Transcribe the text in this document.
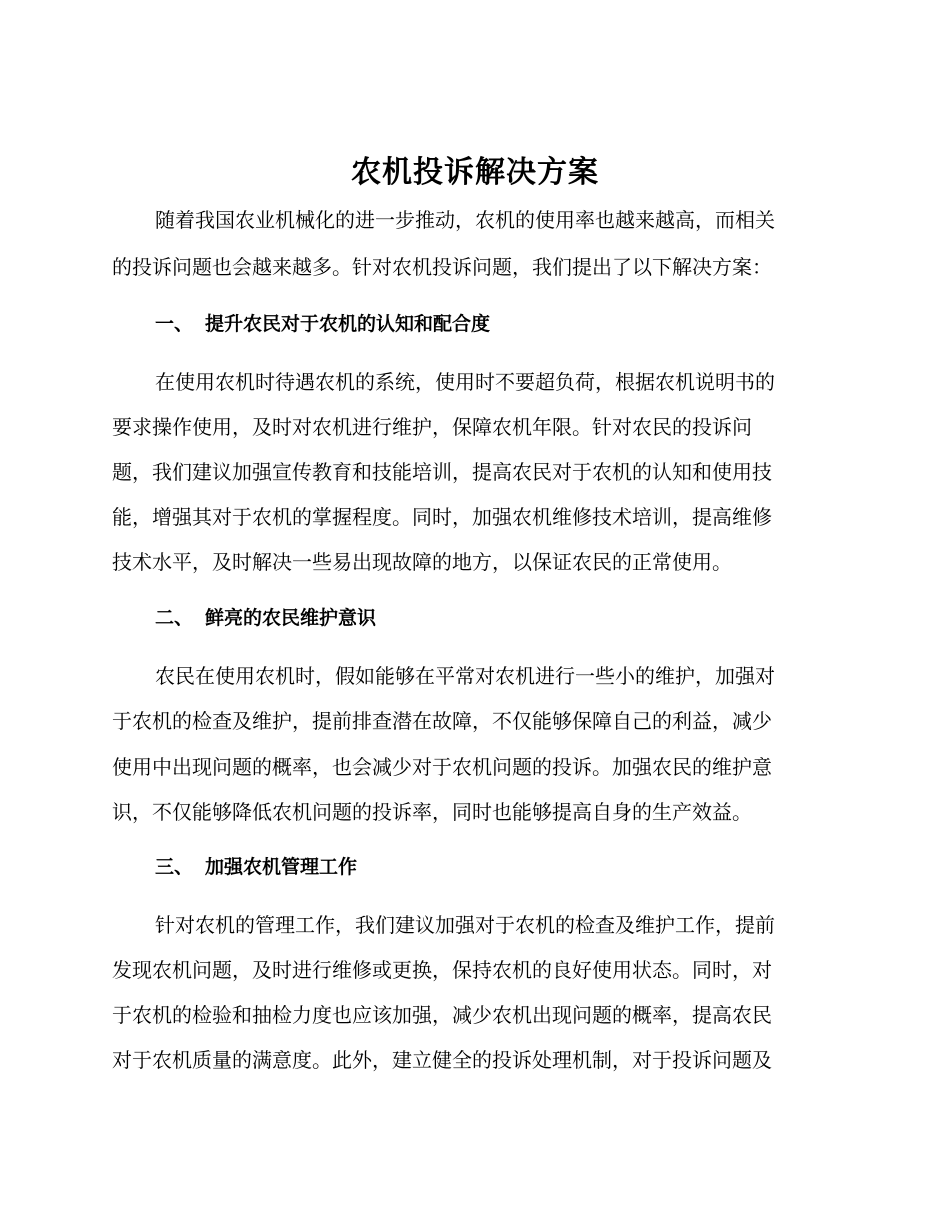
农机投诉解决方案
随着我国农业机械化的进一步推动，农机的使用率也越来越高，而相关
的投诉问题也会越来越多。针对农机投诉问题，我们提出了以下解决方案：
一、 提升农民对于农机的认知和配合度
在使用农机时待遇农机的系统，使用时不要超负荷，根据农机说明书的
要求操作使用，及时对农机进行维护，保障农机年限。针对农民的投诉问
题，我们建议加强宣传教育和技能培训，提高农民对于农机的认知和使用技
能，增强其对于农机的掌握程度。同时，加强农机维修技术培训，提高维修
技术水平，及时解决一些易出现故障的地方，以保证农民的正常使用。
二、 鲜亮的农民维护意识
农民在使用农机时，假如能够在平常对农机进行一些小的维护，加强对
于农机的检查及维护，提前排查潜在故障，不仅能够保障自己的利益，减少
使用中出现问题的概率，也会减少对于农机问题的投诉。加强农民的维护意
识，不仅能够降低农机问题的投诉率，同时也能够提高自身的生产效益。
三、 加强农机管理工作
针对农机的管理工作，我们建议加强对于农机的检查及维护工作，提前
发现农机问题，及时进行维修或更换，保持农机的良好使用状态。同时，对
于农机的检验和抽检力度也应该加强，减少农机出现问题的概率，提高农民
对于农机质量的满意度。此外，建立健全的投诉处理机制，对于投诉问题及
